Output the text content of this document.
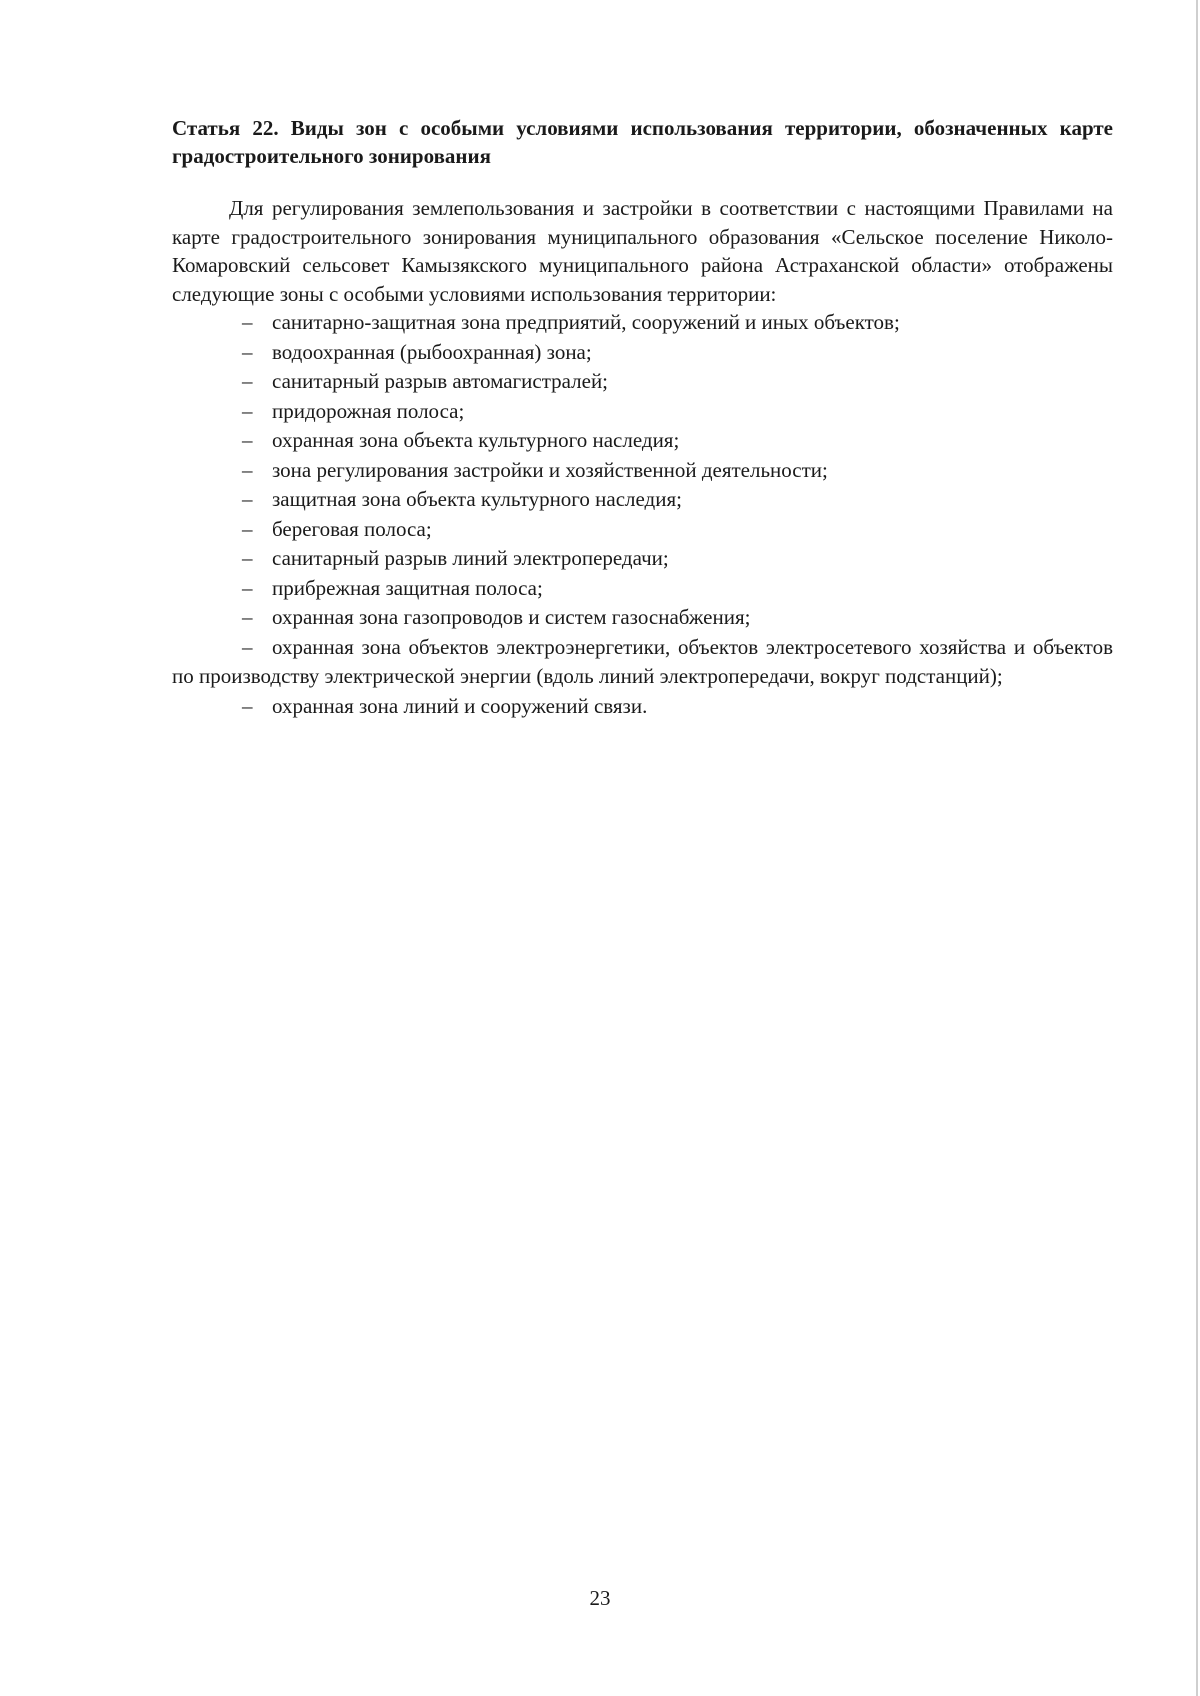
Статья 22. Виды зон с особыми условиями использования территории, обозначенных карте градостроительного зонирования

Для регулирования землепользования и застройки в соответствии с настоящими Правилами на карте градостроительного зонирования муниципального образования «Сельское поселение Николо-Комаровский сельсовет Камызякского муниципального района Астраханской области» отображены следующие зоны с особыми условиями использования территории:

– санитарно-защитная зона предприятий, сооружений и иных объектов;
– водоохранная (рыбоохранная) зона;
– санитарный разрыв автомагистралей;
– придорожная полоса;
– охранная зона объекта культурного наследия;
– зона регулирования застройки и хозяйственной деятельности;
– защитная зона объекта культурного наследия;
– береговая полоса;
– санитарный разрыв линий электропередачи;
– прибрежная защитная полоса;
– охранная зона газопроводов и систем газоснабжения;
– охранная зона объектов электроэнергетики, объектов электросетевого хозяйства и объектов по производству электрической энергии (вдоль линий электропередачи, вокруг подстанций);
– охранная зона линий и сооружений связи.
23
